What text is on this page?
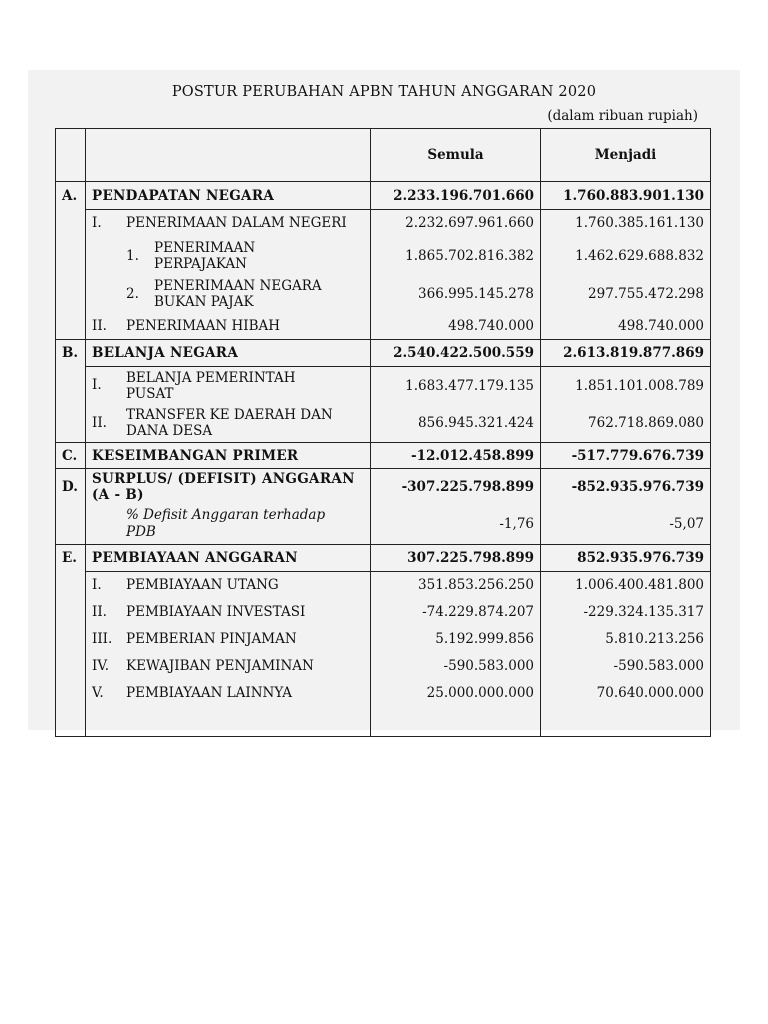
POSTUR PERUBAHAN APBN TAHUN ANGGARAN 2020
(dalam ribuan rupiah)
		Semula	Menjadi
A.	PENDAPATAN NEGARA	2.233.196.701.660	1.760.883.901.130
	I. PENERIMAAN DALAM NEGERI	2.232.697.961.660	1.760.385.161.130
	1. PENERIMAAN
PERPAJAKAN	1.865.702.816.382	1.462.629.688.832
	2. PENERIMAAN NEGARA
BUKAN PAJAK	366.995.145.278	297.755.472.298
	II. PENERIMAAN HIBAH	498.740.000	498.740.000
B.	BELANJA NEGARA	2.540.422.500.559	2.613.819.877.869
	I. BELANJA PEMERINTAH
PUSAT	1.683.477.179.135	1.851.101.008.789
	II. TRANSFER KE DAERAH DAN
DANA DESA	856.945.321.424	762.718.869.080
C.	KESEIMBANGAN PRIMER	-12.012.458.899	-517.779.676.739
D.	SURPLUS/ (DEFISIT) ANGGARAN
(A - B)	-307.225.798.899	-852.935.976.739

	% Defisit Anggaran terhadap
PDB	-1,76	-5,07
E.	PEMBIAYAAN ANGGARAN	307.225.798.899	852.935.976.739
	I. PEMBIAYAAN UTANG	351.853.256.250	1.006.400.481.800
	II. PEMBIAYAAN INVESTASI	-74.229.874.207	-229.324.135.317
	III. PEMBERIAN PINJAMAN	5.192.999.856	5.810.213.256
	IV. KEWAJIBAN PENJAMINAN	-590.583.000	-590.583.000
	V. PEMBIAYAAN LAINNYA	25.000.000.000	70.640.000.000
